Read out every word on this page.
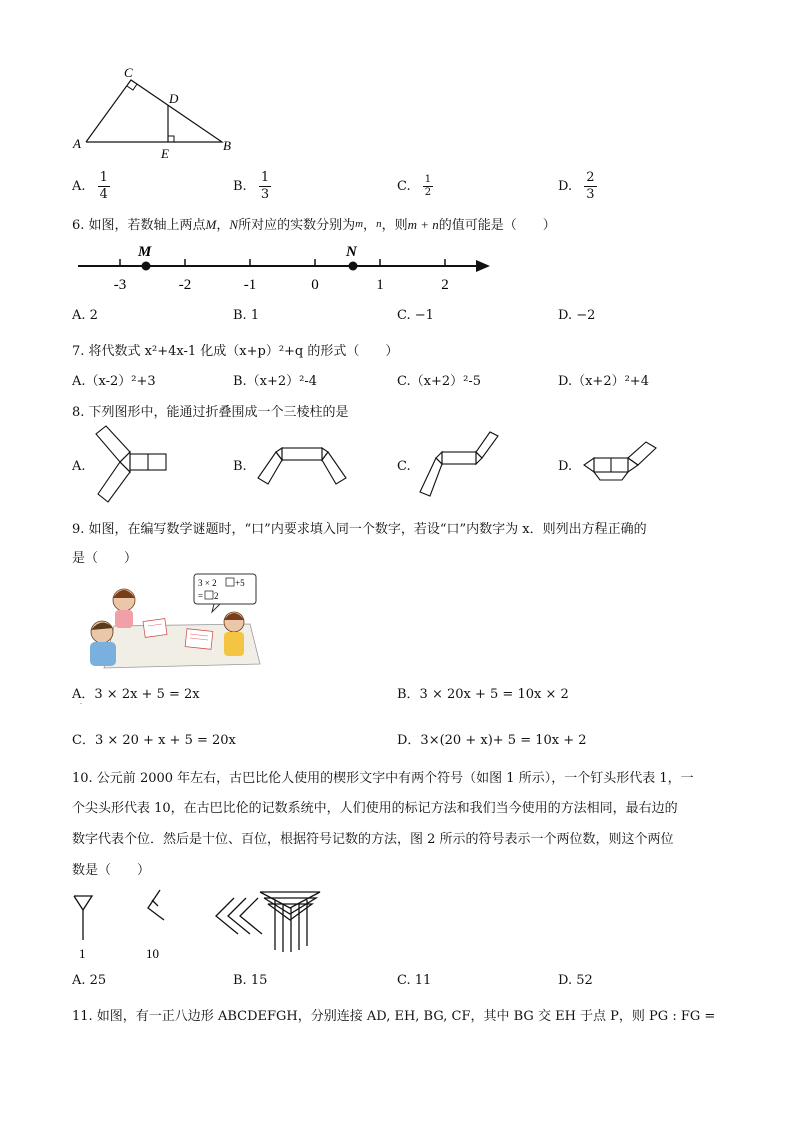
C
D
A
E
B
A. $\frac{1}{4}$	B. $\frac{1}{3}$	C. $\frac{1}{2}$	D. $\frac{2}{3}$
6. 如图，若数轴上两点M，N所对应的实数分别为m，n，则m + n的值可能是（　　）
-3	-2	-1	0	1	2
M	N
A. 2	B. 1	C. −1	D. −2
7. 将代数式 x²+4x-1 化成（x+p）²+q 的形式（　　）
A.（x-2）²+3	B.（x+2）²-4	C.（x+2）²-5	D.（x+2）²+4
8. 下列图形中，能通过折叠围成一个三棱柱的是
A.	B.	C.	D.
9. 如图，在编写数学谜题时，“口”内要求填入同一个数字，若设“口”内数字为 x．则列出方程正确的
是（　　）
3 × 2 +5
= 2
A．3 × 2x + 5 = 2x
·
B．3 × 20x + 5 = 10x × 2
C．3 × 20 + x + 5 = 20x	D．3×(20 + x)+ 5 = 10x + 2
10. 公元前 2000 年左右，古巴比伦人使用的楔形文字中有两个符号（如图 1 所示），一个钉头形代表 1，一
个尖头形代表 10，在古巴比伦的记数系统中，人们使用的标记方法和我们当今使用的方法相同，最右边的
数字代表个位．然后是十位、百位，根据符号记数的方法，图 2 所示的符号表示一个两位数，则这个两位
数是（　　）
1	10
A. 25	B. 15	C. 11	D. 52
11. 如图，有一正八边形 ABCDEFGH，分别连接 AD, EH, BG, CF，其中 BG 交 EH 于点 P，则 PG : FG =
